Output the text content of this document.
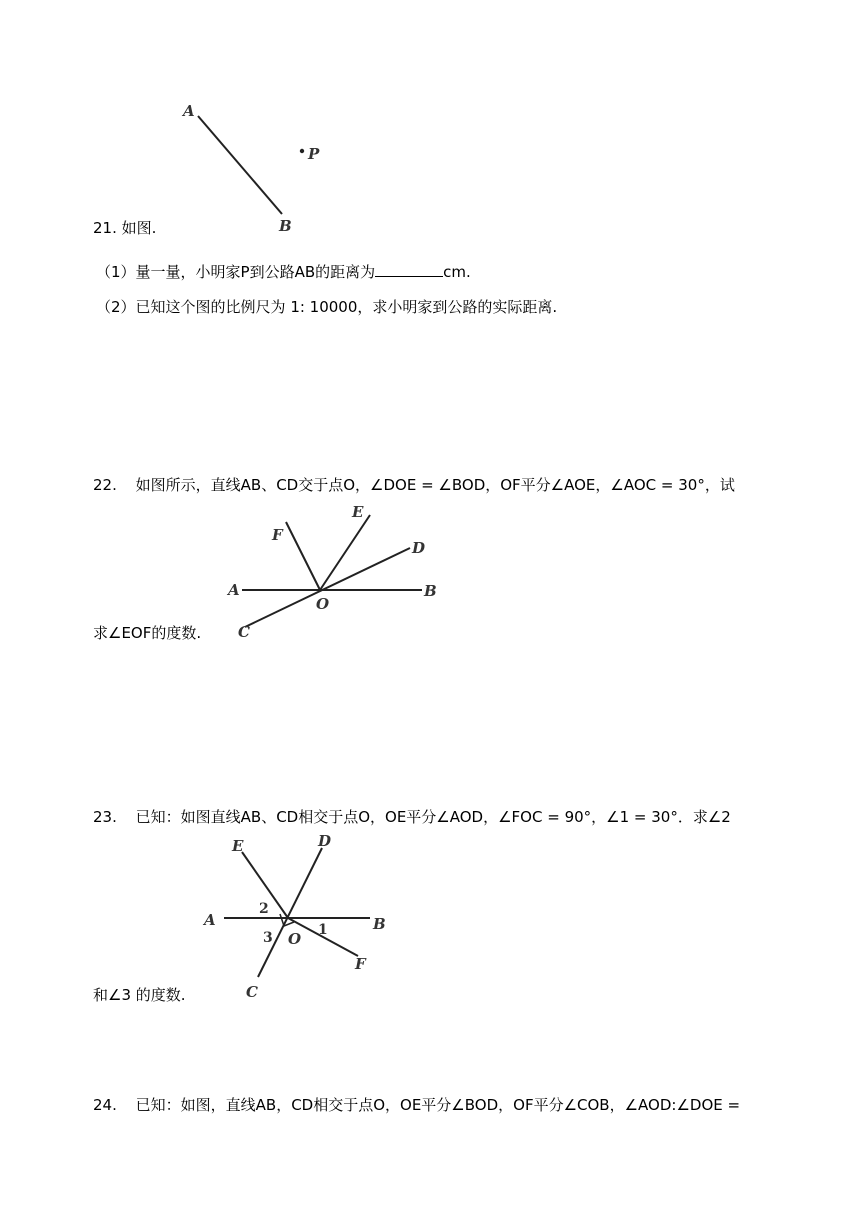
A
B
P
21. 如图.
（1）量一量，小明家P到公路AB的距离为	cm.
（2）已知这个图的比例尺为 1: 10000，求小明家到公路的实际距离.
22. 如图所示，直线AB、CD交于点O，∠DOE = ∠BOD，OF平分∠AOE，∠AOC = 30°，试
A	B
C
D
E
F
O
求∠EOF的度数.
23. 已知：如图直线AB、CD相交于点O，OE平分∠AOD，∠FOC = 90°，∠1 = 30°．求∠2
A	B
C
D
E
F
O 1
2
3
和∠3 的度数.
24. 已知：如图，直线AB，CD相交于点O，OE平分∠BOD，OF平分∠COB，∠AOD:∠DOE =
